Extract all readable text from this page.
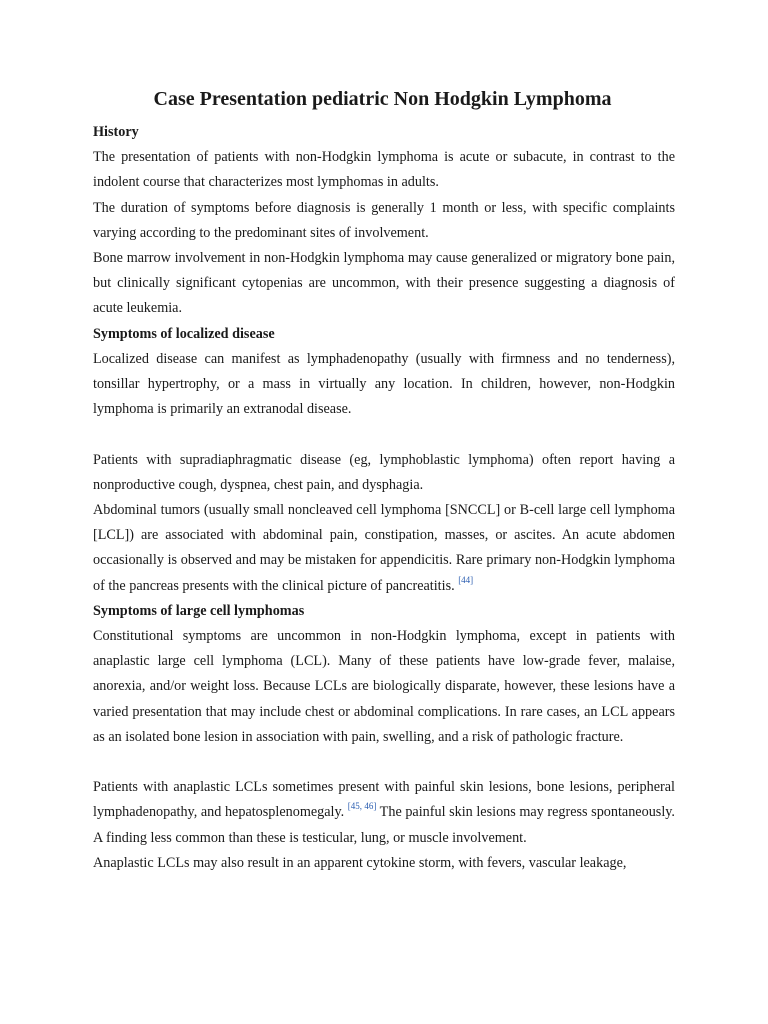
Case Presentation pediatric Non Hodgkin Lymphoma
History

The presentation of patients with non-Hodgkin lymphoma is acute or subacute, in contrast to the indolent course that characterizes most lymphomas in adults.

The duration of symptoms before diagnosis is generally 1 month or less, with specific complaints varying according to the predominant sites of involvement.

Bone marrow involvement in non-Hodgkin lymphoma may cause generalized or migratory bone pain, but clinically significant cytopenias are uncommon, with their presence suggesting a diagnosis of acute leukemia.

Symptoms of localized disease

Localized disease can manifest as lymphadenopathy (usually with firmness and no tenderness), tonsillar hypertrophy, or a mass in virtually any location. In children, however, non-Hodgkin lymphoma is primarily an extranodal disease.

Patients with supradiaphragmatic disease (eg, lymphoblastic lymphoma) often report having a nonproductive cough, dyspnea, chest pain, and dysphagia.

Abdominal tumors (usually small noncleaved cell lymphoma [SNCCL] or B-cell large cell lymphoma [LCL]) are associated with abdominal pain, constipation, masses, or ascites. An acute abdomen occasionally is observed and may be mistaken for appendicitis. Rare primary non-Hodgkin lymphoma of the pancreas presents with the clinical picture of pancreatitis. [44]

Symptoms of large cell lymphomas

Constitutional symptoms are uncommon in non-Hodgkin lymphoma, except in patients with anaplastic large cell lymphoma (LCL). Many of these patients have low-grade fever, malaise, anorexia, and/or weight loss. Because LCLs are biologically disparate, however, these lesions have a varied presentation that may include chest or abdominal complications. In rare cases, an LCL appears as an isolated bone lesion in association with pain, swelling, and a risk of pathologic fracture.

Patients with anaplastic LCLs sometimes present with painful skin lesions, bone lesions, peripheral lymphadenopathy, and hepatosplenomegaly. [45, 46] The painful skin lesions may regress spontaneously. A finding less common than these is testicular, lung, or muscle involvement.

Anaplastic LCLs may also result in an apparent cytokine storm, with fevers, vascular leakage,
